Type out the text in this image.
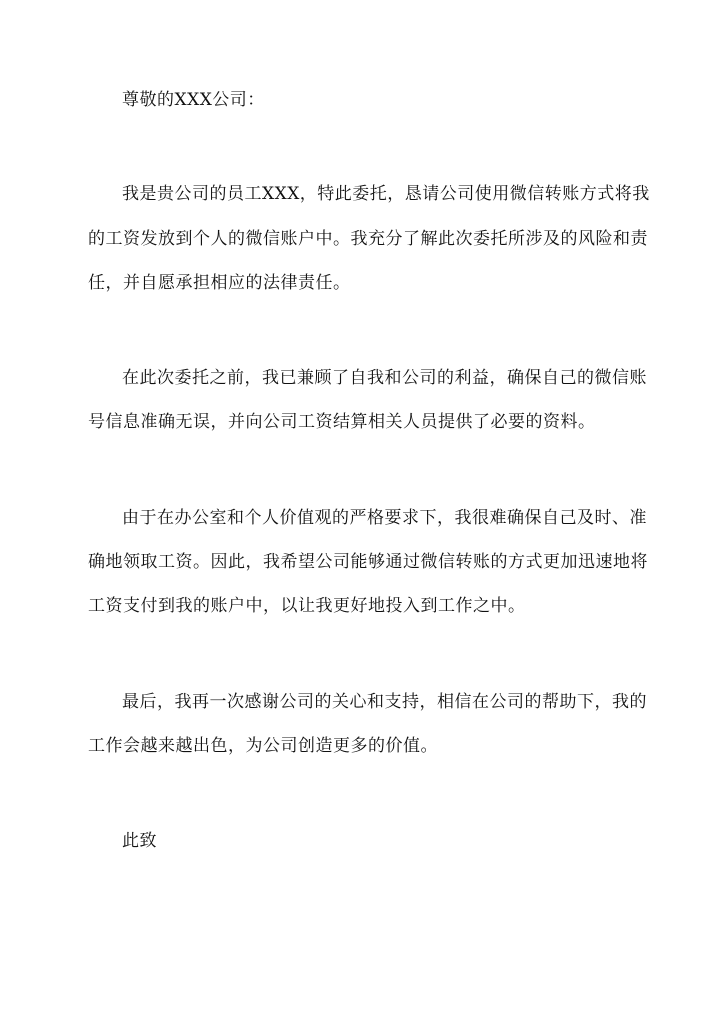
尊敬的XXX公司：
我是贵公司的员工XXX，特此委托，恳请公司使用微信转账方式将我
的工资发放到个人的微信账户中。我充分了解此次委托所涉及的风险和责
任，并自愿承担相应的法律责任。
在此次委托之前，我已兼顾了自我和公司的利益，确保自己的微信账
号信息准确无误，并向公司工资结算相关人员提供了必要的资料。
由于在办公室和个人价值观的严格要求下，我很难确保自己及时、准
确地领取工资。因此，我希望公司能够通过微信转账的方式更加迅速地将
工资支付到我的账户中，以让我更好地投入到工作之中。
最后，我再一次感谢公司的关心和支持，相信在公司的帮助下，我的
工作会越来越出色，为公司创造更多的价值。
此致
